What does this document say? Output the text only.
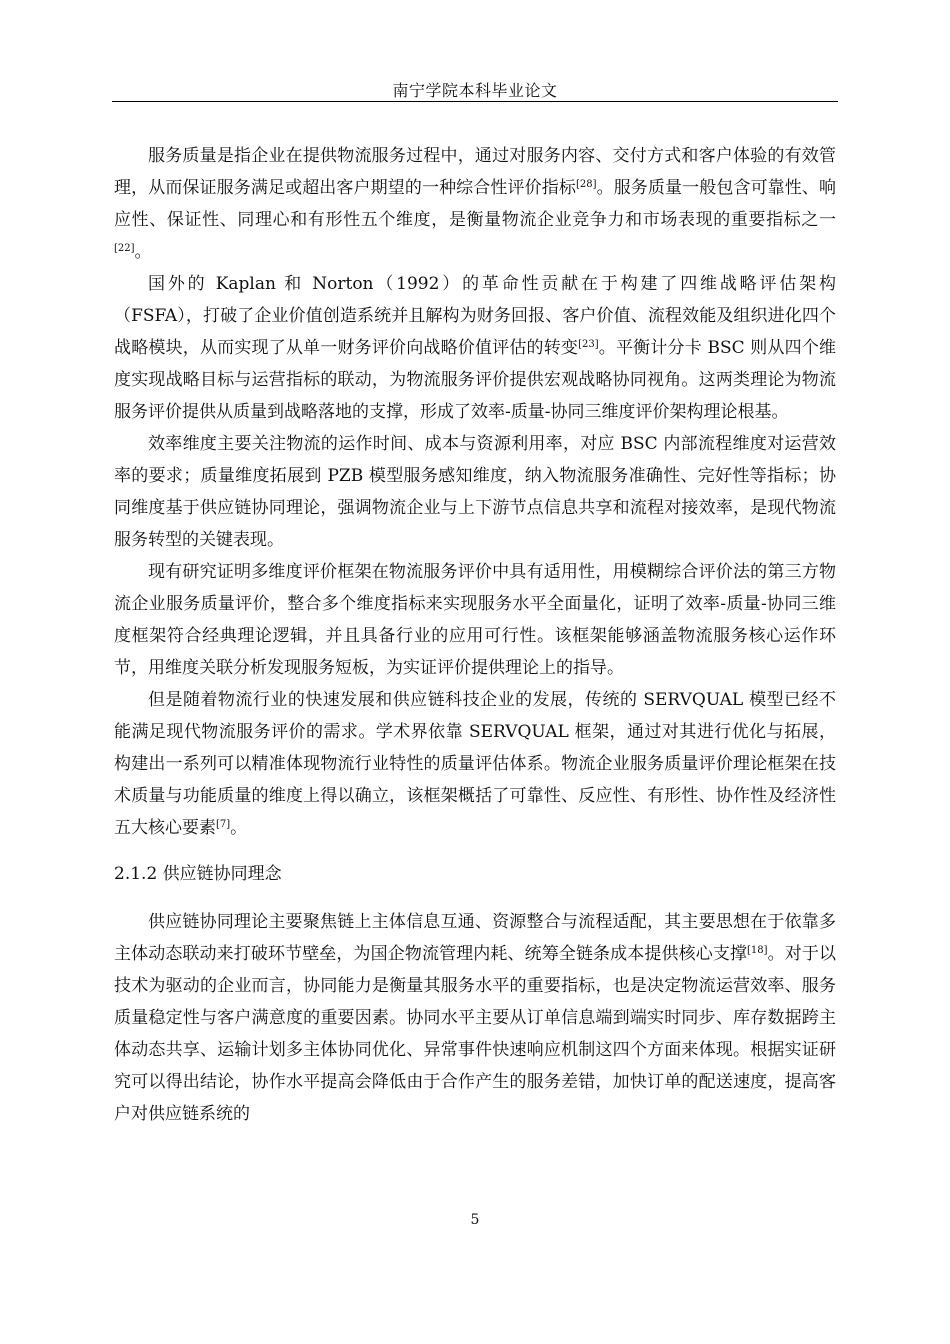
南宁学院本科毕业论文

服务质量是指企业在提供物流服务过程中，通过对服务内容、交付方式和客户体验的有效管理，从而保证服务满足或超出客户期望的一种综合性评价指标[28]。服务质量一般包含可靠性、响应性、保证性、同理心和有形性五个维度，是衡量物流企业竞争力和市场表现的重要指标之一[22]。

国外的 Kaplan 和 Norton（1992）的革命性贡献在于构建了四维战略评估架构（FSFA），打破了企业价值创造系统并且解构为财务回报、客户价值、流程效能及组织进化四个战略模块，从而实现了从单一财务评价向战略价值评估的转变[23]。平衡计分卡 BSC 则从四个维度实现战略目标与运营指标的联动，为物流服务评价提供宏观战略协同视角。这两类理论为物流服务评价提供从质量到战略落地的支撑，形成了效率-质量-协同三维度评价架构理论根基。

效率维度主要关注物流的运作时间、成本与资源利用率，对应 BSC 内部流程维度对运营效率的要求；质量维度拓展到 PZB 模型服务感知维度，纳入物流服务准确性、完好性等指标；协同维度基于供应链协同理论，强调物流企业与上下游节点信息共享和流程对接效率，是现代物流服务转型的关键表现。

现有研究证明多维度评价框架在物流服务评价中具有适用性，用模糊综合评价法的第三方物流企业服务质量评价，整合多个维度指标来实现服务水平全面量化，证明了效率-质量-协同三维度框架符合经典理论逻辑，并且具备行业的应用可行性。该框架能够涵盖物流服务核心运作环节，用维度关联分析发现服务短板，为实证评价提供理论上的指导。

但是随着物流行业的快速发展和供应链科技企业的发展，传统的 SERVQUAL 模型已经不能满足现代物流服务评价的需求。学术界依靠 SERVQUAL 框架，通过对其进行优化与拓展，构建出一系列可以精准体现物流行业特性的质量评估体系。物流企业服务质量评价理论框架在技术质量与功能质量的维度上得以确立，该框架概括了可靠性、反应性、有形性、协作性及经济性五大核心要素[7]。

2.1.2 供应链协同理念

供应链协同理论主要聚焦链上主体信息互通、资源整合与流程适配，其主要思想在于依靠多主体动态联动来打破环节壁垒，为国企物流管理内耗、统筹全链条成本提供核心支撑[18]。对于以技术为驱动的企业而言，协同能力是衡量其服务水平的重要指标，也是决定物流运营效率、服务质量稳定性与客户满意度的重要因素。协同水平主要从订单信息端到端实时同步、库存数据跨主体动态共享、运输计划多主体协同优化、异常事件快速响应机制这四个方面来体现。根据实证研究可以得出结论，协作水平提高会降低由于合作产生的服务差错，加快订单的配送速度，提高客户对供应链系统的

5
